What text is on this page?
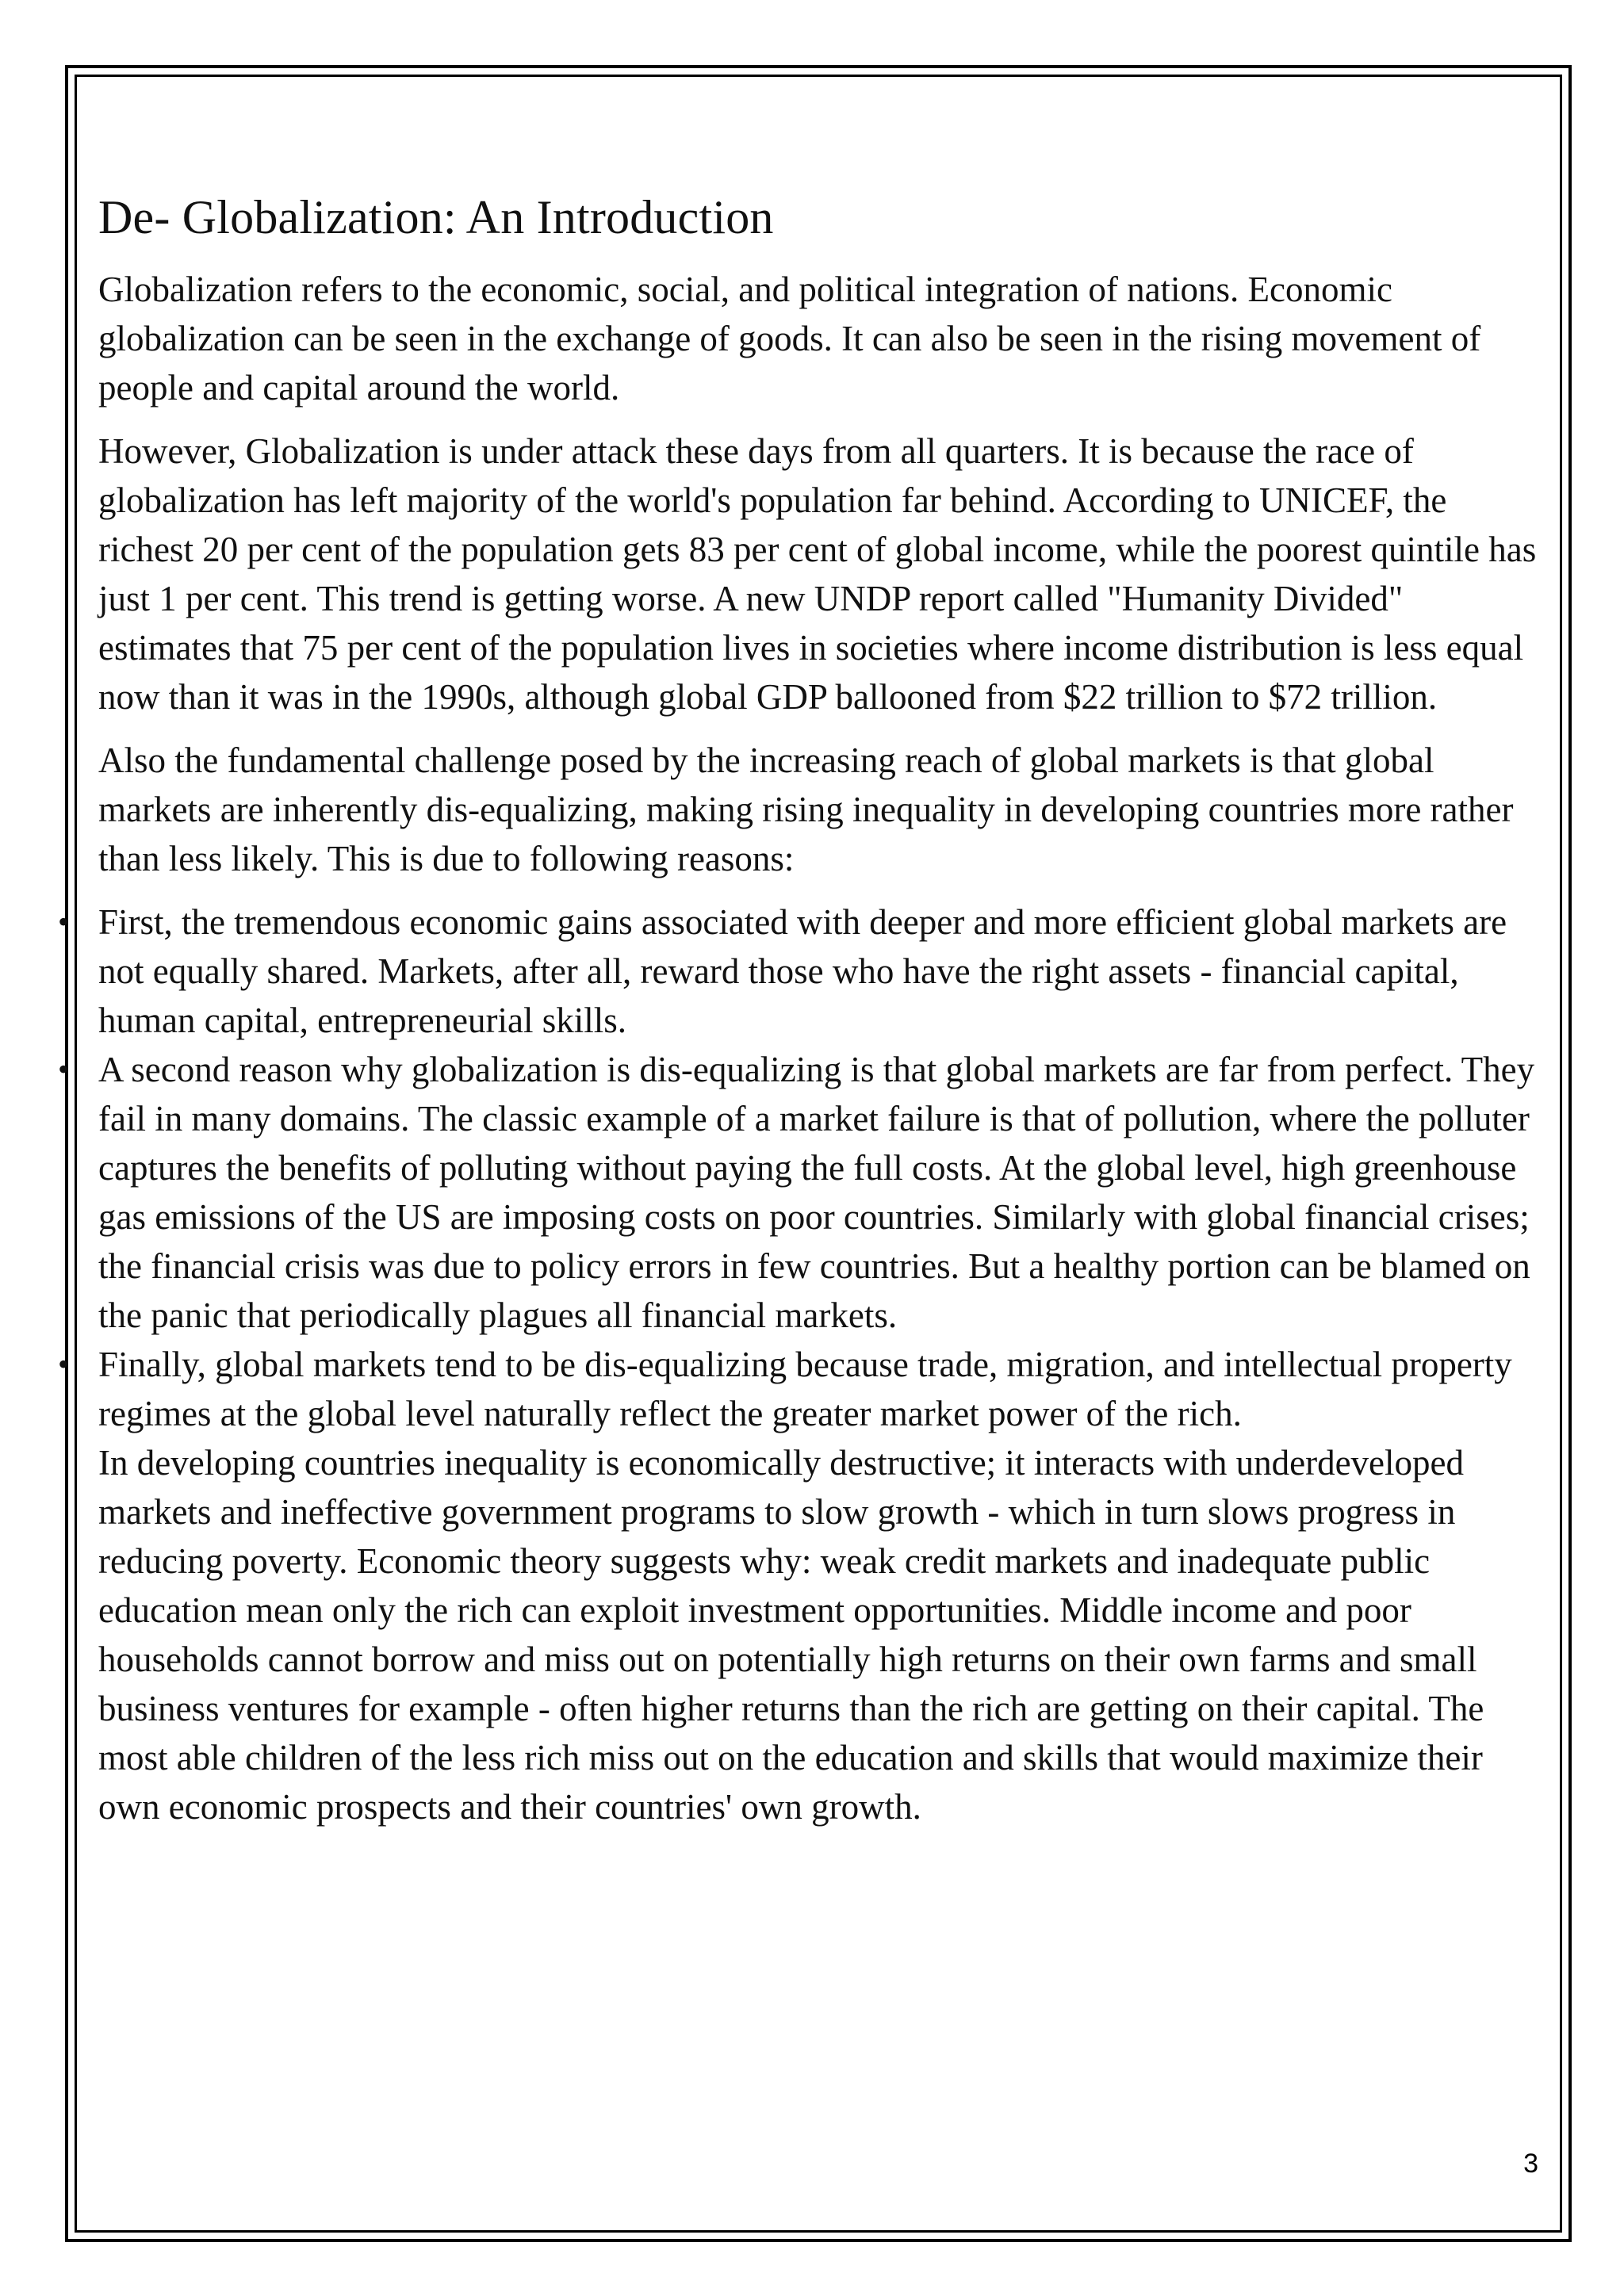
De- Globalization: An Introduction

Globalization refers to the economic, social, and political integration of nations. Economic globalization can be seen in the exchange of goods. It can also be seen in the rising movement of people and capital around the world.

However, Globalization is under attack these days from all quarters. It is because the race of globalization has left majority of the world's population far behind. According to UNICEF, the richest 20 per cent of the population gets 83 per cent of global income, while the poorest quintile has just 1 per cent. This trend is getting worse. A new UNDP report called "Humanity Divided" estimates that 75 per cent of the population lives in societies where income distribution is less equal now than it was in the 1990s, although global GDP ballooned from $22 trillion to $72 trillion.

Also the fundamental challenge posed by the increasing reach of global markets is that global markets are inherently dis-equalizing, making rising inequality in developing countries more rather than less likely. This is due to following reasons:

• First, the tremendous economic gains associated with deeper and more efficient global markets are not equally shared. Markets, after all, reward those who have the right assets - financial capital, human capital, entrepreneurial skills.
• A second reason why globalization is dis-equalizing is that global markets are far from perfect. They fail in many domains. The classic example of a market failure is that of pollution, where the polluter captures the benefits of polluting without paying the full costs. At the global level, high greenhouse gas emissions of the US are imposing costs on poor countries. Similarly with global financial crises; the financial crisis was due to policy errors in few countries. But a healthy portion can be blamed on the panic that periodically plagues all financial markets.
• Finally, global markets tend to be dis-equalizing because trade, migration, and intellectual property regimes at the global level naturally reflect the greater market power of the rich.

In developing countries inequality is economically destructive; it interacts with underdeveloped markets and ineffective government programs to slow growth - which in turn slows progress in reducing poverty. Economic theory suggests why: weak credit markets and inadequate public education mean only the rich can exploit investment opportunities. Middle income and poor households cannot borrow and miss out on potentially high returns on their own farms and small business ventures for example - often higher returns than the rich are getting on their capital. The most able children of the less rich miss out on the education and skills that would maximize their own economic prospects and their countries' own growth.

3
